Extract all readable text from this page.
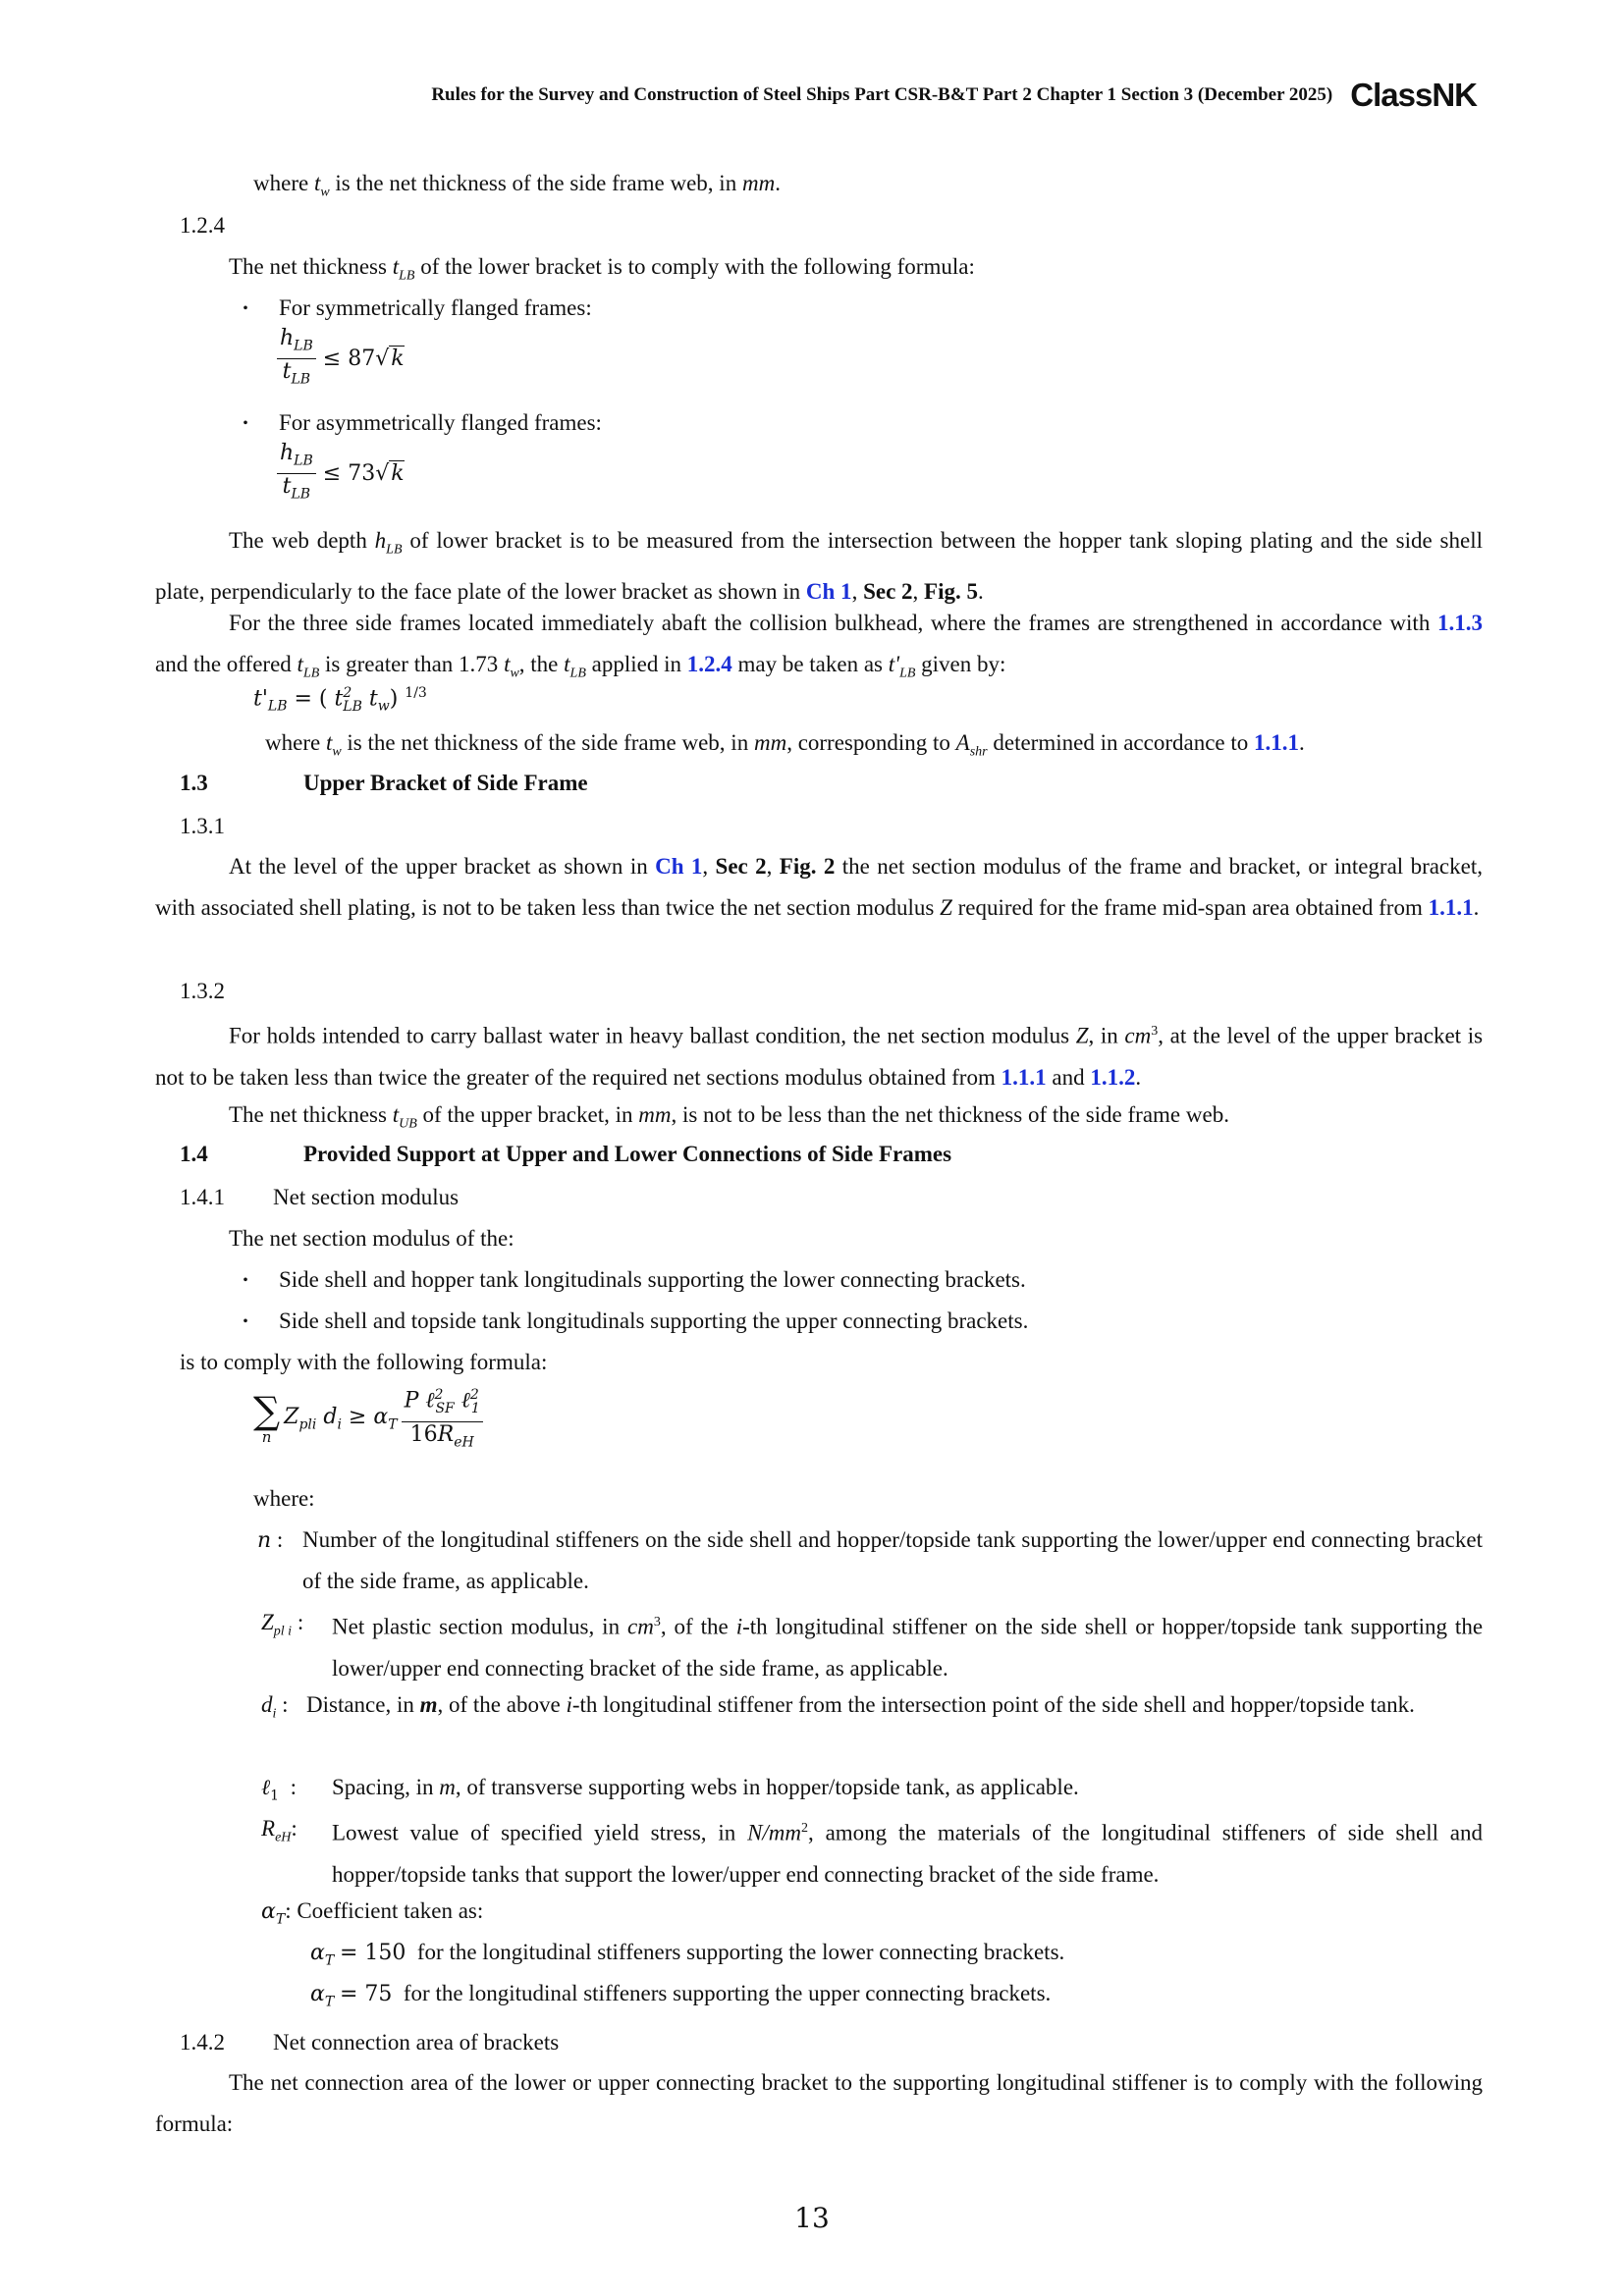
Rules for the Survey and Construction of Steel Ships Part CSR-B&T Part 2 Chapter 1 Section 3 (December 2025) ClassNK
where $t_w$ is the net thickness of the side frame web, in mm.
1.2.4
The net thickness $t_{LB}$ of the lower bracket is to comply with the following formula:
・ For symmetrically flanged frames:
$\frac{h_{LB}}{t_{LB}} \le 87√k$
・ For asymmetrically flanged frames:
$\frac{h_{LB}}{t_{LB}} \le 73√k$
The web depth $h_{LB}$ of lower bracket is to be measured from the intersection between the hopper tank sloping plating and the side shell plate, perpendicularly to the face plate of the lower bracket as shown in Ch 1, Sec 2, Fig. 5.
For the three side frames located immediately abaft the collision bulkhead, where the frames are strengthened in accordance with 1.1.3 and the offered $t_{LB}$ is greater than 1.73 $t_w$, the $t_{LB}$ applied in 1.2.4 may be taken as $t'_{LB}$ given by:
$t'_{LB}$ = ( $t^2_{LB}$ $t_w$) $^{1/3}$
where $t_w$ is the net thickness of the side frame web, in mm, corresponding to $A_{shr}$ determined in accordance to 1.1.1.
1.3	Upper Bracket of Side Frame
1.3.1
At the level of the upper bracket as shown in Ch 1, Sec 2, Fig. 2 the net section modulus of the frame and bracket, or integral bracket, with associated shell plating, is not to be taken less than twice the net section modulus Z required for the frame mid-span area obtained from 1.1.1.
1.3.2
For holds intended to carry ballast water in heavy ballast condition, the net section modulus Z, in $cm^3$, at the level of the upper bracket is not to be taken less than twice the greater of the required net sections modulus obtained from 1.1.1 and 1.1.2.
The net thickness $t_{UB}$ of the upper bracket, in mm, is not to be less than the net thickness of the side frame web.
1.4	Provided Support at Upper and Lower Connections of Side Frames
1.4.1 Net section modulus
The net section modulus of the:
・ Side shell and hopper tank longitudinals supporting the lower connecting brackets.
・ Side shell and topside tank longitudinals supporting the upper connecting brackets.
is to comply with the following formula:
∑
n
$Z_{pli}$ $d_i \ge \alpha_T \frac{P \ell^2_{SF} \ell^2_1}{16R_{eH}}$
where:
n : Number of the longitudinal stiffeners on the side shell and hopper/topside tank supporting the lower/upper end connecting bracket of the side frame, as applicable.
$Z_{pl i}$ : Net plastic section modulus, in $cm^3$, of the i-th longitudinal stiffener on the side shell or hopper/topside tank supporting the lower/upper end connecting bracket of the side frame, as applicable.
$d_i$ : Distance, in m, of the above i-th longitudinal stiffener from the intersection point of the side shell and hopper/topside tank.
ℓ$_1$  : Spacing, in m, of transverse supporting webs in hopper/topside tank, as applicable.
$R_{eH}$: Lowest value of specified yield stress, in $N/mm^2$, among the materials of the longitudinal stiffeners of side shell and hopper/topside tanks that support the lower/upper end connecting bracket of the side frame.
$\alpha_T$: Coefficient taken as:
$\alpha_T = 150$ for the longitudinal stiffeners supporting the lower connecting brackets.
$\alpha_T = 75$ for the longitudinal stiffeners supporting the upper connecting brackets.
1.4.2 Net connection area of brackets
The net connection area of the lower or upper connecting bracket to the supporting longitudinal stiffener is to comply with the following formula:
13
